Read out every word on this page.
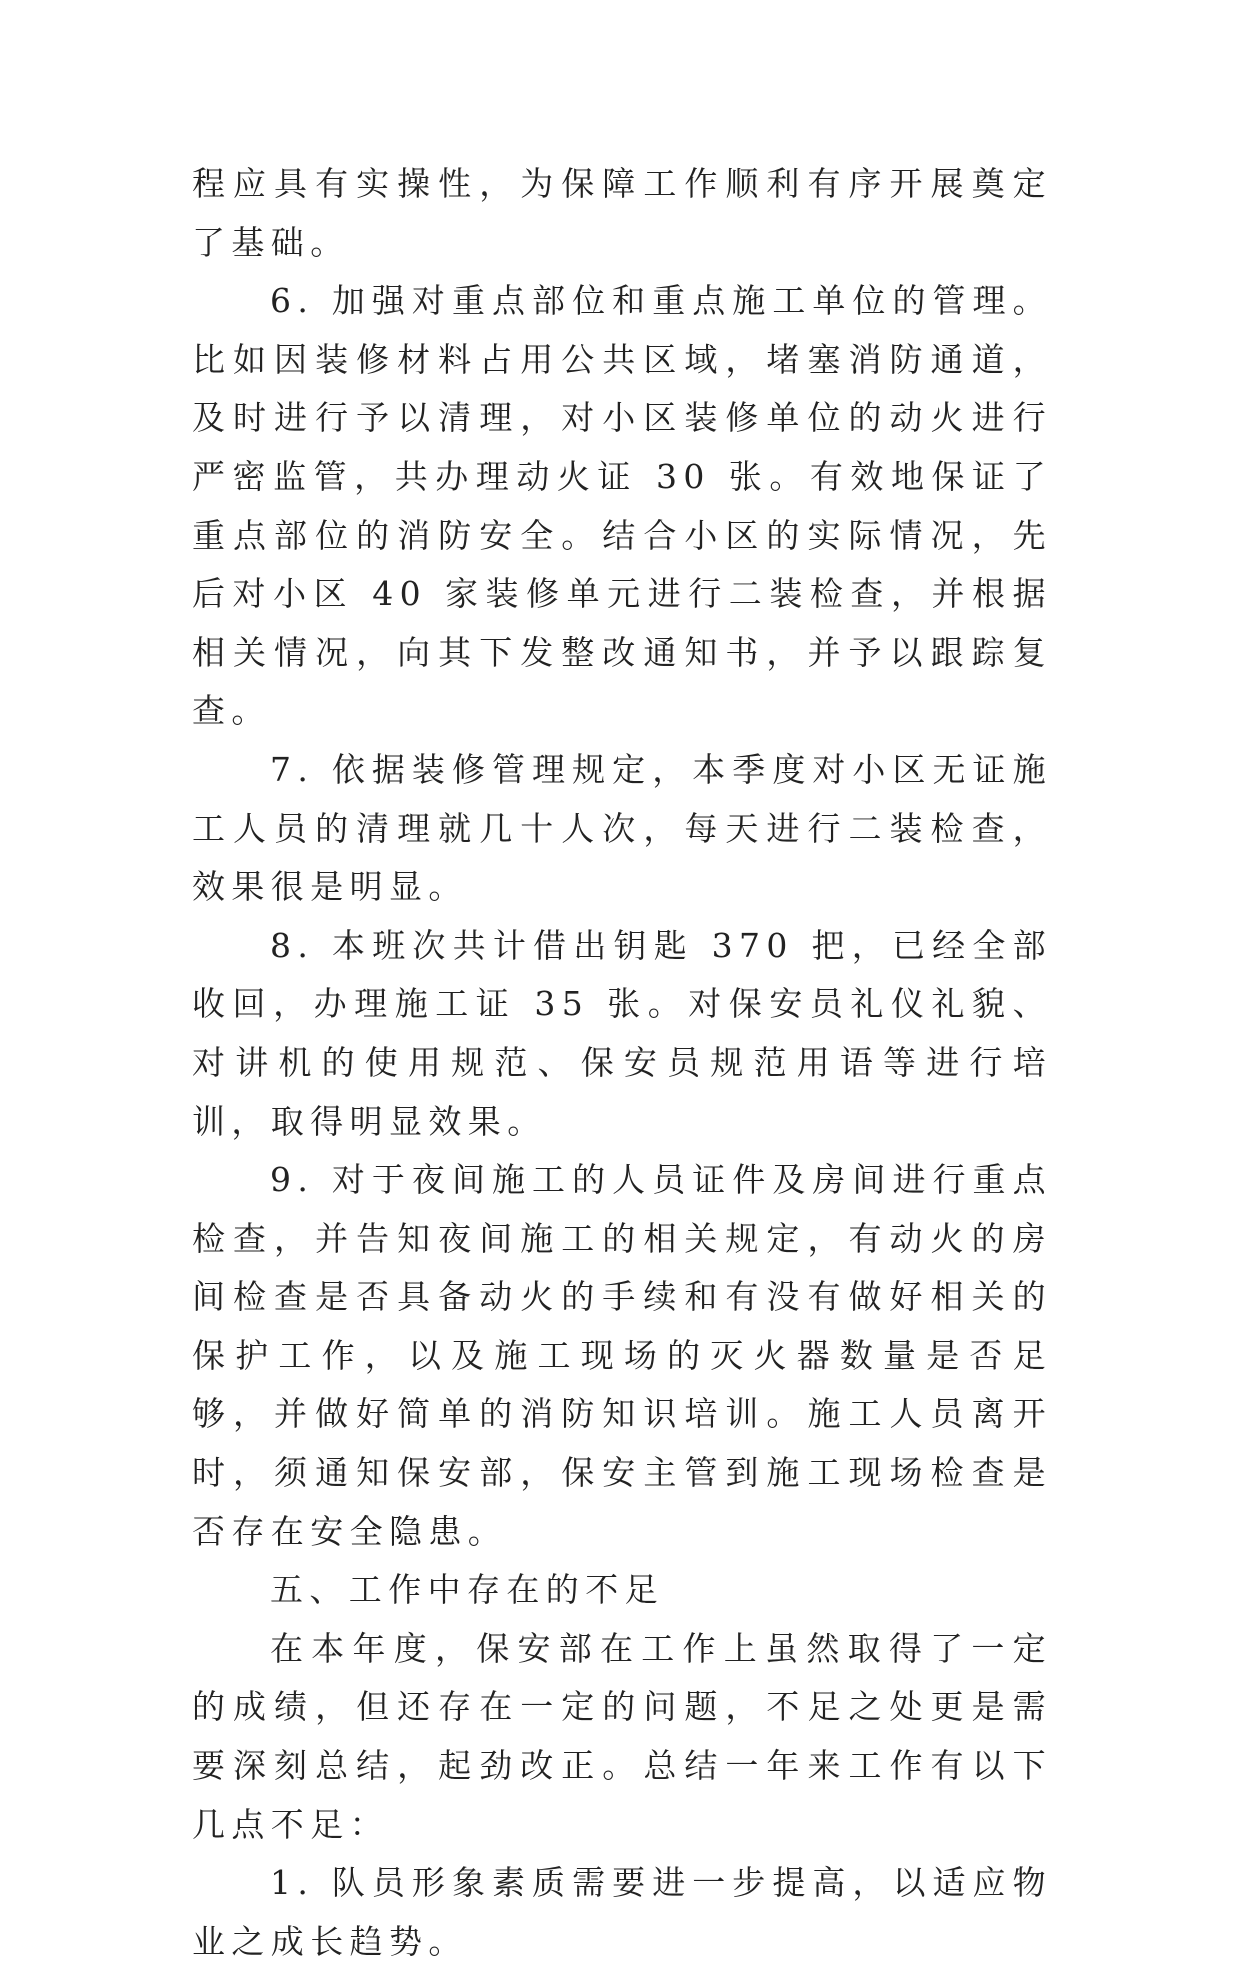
程应具有实操性，为保障工作顺利有序开展奠定了基础。

6. 加强对重点部位和重点施工单位的管理。比如因装修材料占用公共区域，堵塞消防通道，及时进行予以清理，对小区装修单位的动火进行严密监管，共办理动火证 30 张。有效地保证了重点部位的消防安全。结合小区的实际情况，先后对小区 40 家装修单元进行二装检查，并根据相关情况，向其下发整改通知书，并予以跟踪复查。

7. 依据装修管理规定，本季度对小区无证施工人员的清理就几十人次，每天进行二装检查，效果很是明显。

8. 本班次共计借出钥匙 370 把，已经全部收回，办理施工证 35 张。对保安员礼仪礼貌、对讲机的使用规范、保安员规范用语等进行培训，取得明显效果。

9. 对于夜间施工的人员证件及房间进行重点检查，并告知夜间施工的相关规定，有动火的房间检查是否具备动火的手续和有没有做好相关的保护工作，以及施工现场的灭火器数量是否足够，并做好简单的消防知识培训。施工人员离开时，须通知保安部，保安主管到施工现场检查是否存在安全隐患。

五、工作中存在的不足

在本年度，保安部在工作上虽然取得了一定的成绩，但还存在一定的问题，不足之处更是需要深刻总结，起劲改正。总结一年来工作有以下几点不足：

1. 队员形象素质需要进一步提高，以适应物业之成长趋势。
